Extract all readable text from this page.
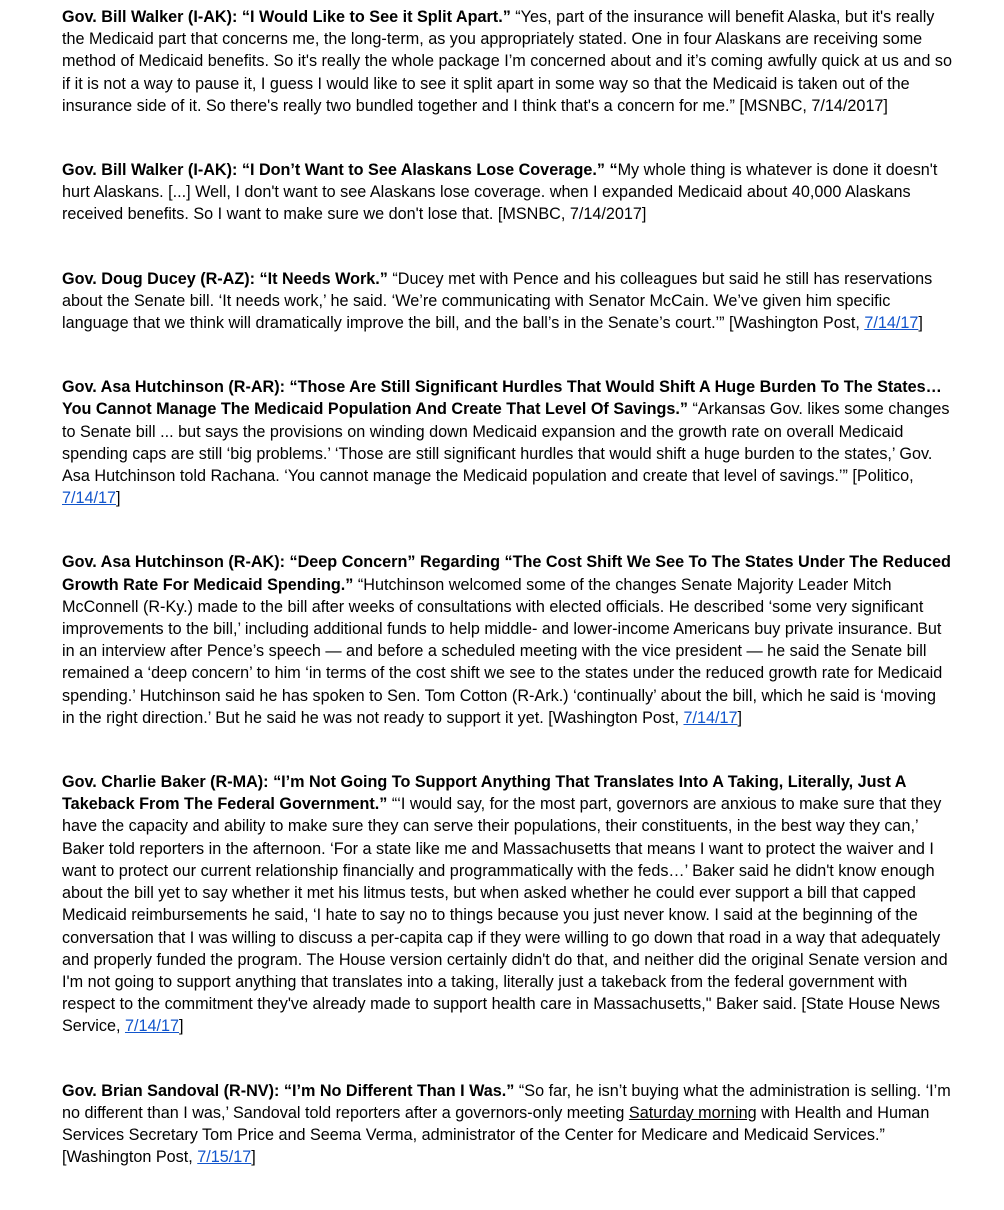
Gov. Bill Walker (I-AK): “I Would Like to See it Split Apart.” “Yes, part of the insurance will benefit Alaska, but it's really the Medicaid part that concerns me, the long-term, as you appropriately stated. One in four Alaskans are receiving some method of Medicaid benefits. So it's really the whole package I’m concerned about and it’s coming awfully quick at us and so if it is not a way to pause it, I guess I would like to see it split apart in some way so that the Medicaid is taken out of the insurance side of it. So there's really two bundled together and I think that's a concern for me.” [MSNBC, 7/14/2017]

Gov. Bill Walker (I-AK): “I Don’t Want to See Alaskans Lose Coverage.” “My whole thing is whatever is done it doesn't hurt Alaskans. [...] Well, I don't want to see Alaskans lose coverage. when I expanded Medicaid about 40,000 Alaskans received benefits. So I want to make sure we don't lose that. [MSNBC, 7/14/2017]

Gov. Doug Ducey (R-AZ): “It Needs Work.” “Ducey met with Pence and his colleagues but said he still has reservations about the Senate bill. ‘It needs work,’ he said. ‘We’re communicating with Senator McCain. We’ve given him specific language that we think will dramatically improve the bill, and the ball’s in the Senate’s court.’” [Washington Post, 7/14/17]

Gov. Asa Hutchinson (R-AR): “Those Are Still Significant Hurdles That Would Shift A Huge Burden To The States… You Cannot Manage The Medicaid Population And Create That Level Of Savings.” “Arkansas Gov. likes some changes to Senate bill ... but says the provisions on winding down Medicaid expansion and the growth rate on overall Medicaid spending caps are still ‘big problems.’ ‘Those are still significant hurdles that would shift a huge burden to the states,’ Gov. Asa Hutchinson told Rachana. ‘You cannot manage the Medicaid population and create that level of savings.’” [Politico, 7/14/17]

Gov. Asa Hutchinson (R-AK): “Deep Concern” Regarding “The Cost Shift We See To The States Under The Reduced Growth Rate For Medicaid Spending.” “Hutchinson welcomed some of the changes Senate Majority Leader Mitch McConnell (R-Ky.) made to the bill after weeks of consultations with elected officials. He described ‘some very significant improvements to the bill,’ including additional funds to help middle- and lower-income Americans buy private insurance. But in an interview after Pence’s speech — and before a scheduled meeting with the vice president — he said the Senate bill remained a ‘deep concern’ to him ‘in terms of the cost shift we see to the states under the reduced growth rate for Medicaid spending.’ Hutchinson said he has spoken to Sen. Tom Cotton (R-Ark.) ‘continually’ about the bill, which he said is ‘moving in the right direction.’ But he said he was not ready to support it yet. [Washington Post, 7/14/17]

Gov. Charlie Baker (R-MA): “I’m Not Going To Support Anything That Translates Into A Taking, Literally, Just A Takeback From The Federal Government.” “‘I would say, for the most part, governors are anxious to make sure that they have the capacity and ability to make sure they can serve their populations, their constituents, in the best way they can,’ Baker told reporters in the afternoon. ‘For a state like me and Massachusetts that means I want to protect the waiver and I want to protect our current relationship financially and programmatically with the feds…’ Baker said he didn't know enough about the bill yet to say whether it met his litmus tests, but when asked whether he could ever support a bill that capped Medicaid reimbursements he said, ‘I hate to say no to things because you just never know. I said at the beginning of the conversation that I was willing to discuss a per-capita cap if they were willing to go down that road in a way that adequately and properly funded the program. The House version certainly didn't do that, and neither did the original Senate version and I'm not going to support anything that translates into a taking, literally just a takeback from the federal government with respect to the commitment they've already made to support health care in Massachusetts," Baker said. [State House News Service, 7/14/17]

Gov. Brian Sandoval (R-NV): “I’m No Different Than I Was.” “So far, he isn’t buying what the administration is selling. ‘I’m no different than I was,’ Sandoval told reporters after a governors-only meeting Saturday morning with Health and Human Services Secretary Tom Price and Seema Verma, administrator of the Center for Medicare and Medicaid Services.” [Washington Post, 7/15/17]
